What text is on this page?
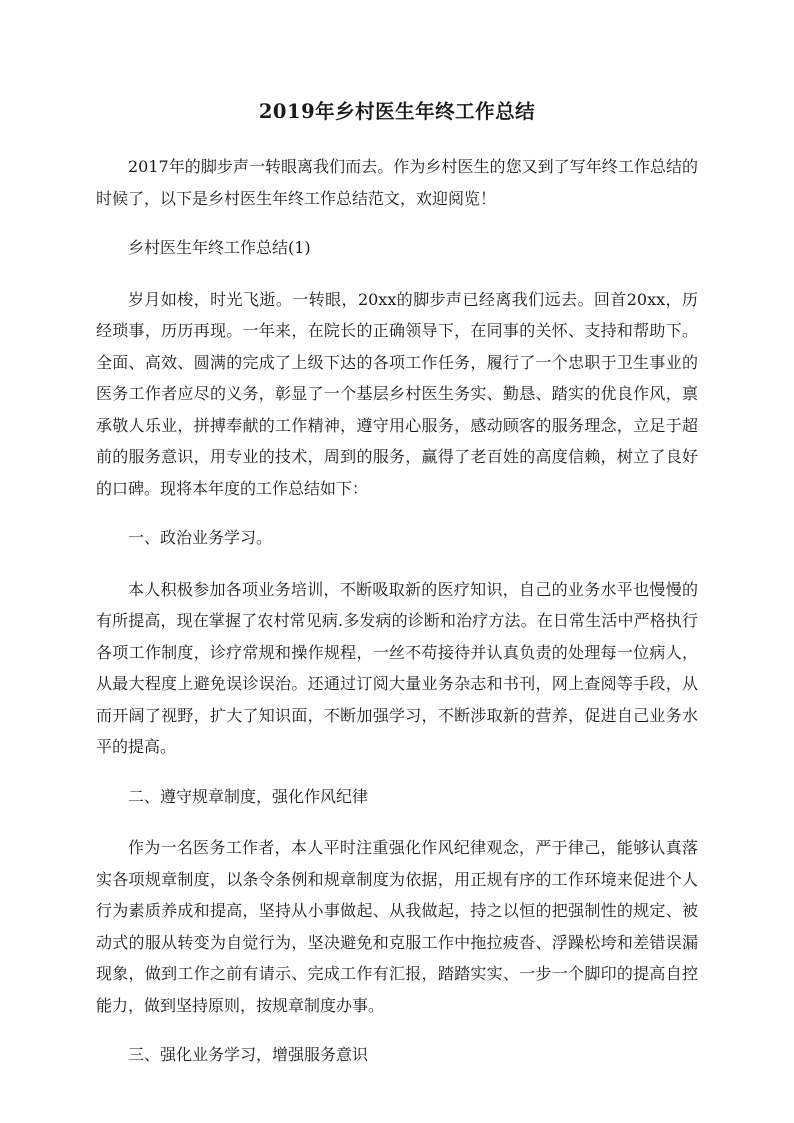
2019年乡村医生年终工作总结

2017年的脚步声一转眼离我们而去。作为乡村医生的您又到了写年终工作总结的时候了，以下是乡村医生年终工作总结范文，欢迎阅览！

乡村医生年终工作总结(1)

岁月如梭，时光飞逝。一转眼，20xx的脚步声已经离我们远去。回首20xx，历经琐事，历历再现。一年来，在院长的正确领导下，在同事的关怀、支持和帮助下。全面、高效、圆满的完成了上级下达的各项工作任务，履行了一个忠职于卫生事业的医务工作者应尽的义务，彰显了一个基层乡村医生务实、勤恳、踏实的优良作风，禀承敬人乐业，拼搏奉献的工作精神，遵守用心服务，感动顾客的服务理念，立足于超前的服务意识，用专业的技术，周到的服务，赢得了老百姓的高度信赖，树立了良好的口碑。现将本年度的工作总结如下：

一、政治业务学习。

本人积极参加各项业务培训，不断吸取新的医疗知识，自己的业务水平也慢慢的有所提高，现在掌握了农村常见病.多发病的诊断和治疗方法。在日常生活中严格执行各项工作制度，诊疗常规和操作规程，一丝不苟接待并认真负责的处理每一位病人，从最大程度上避免误诊误治。还通过订阅大量业务杂志和书刊，网上查阅等手段，从而开阔了视野，扩大了知识面，不断加强学习，不断涉取新的营养，促进自己业务水平的提高。

二、遵守规章制度，强化作风纪律

作为一名医务工作者，本人平时注重强化作风纪律观念，严于律己，能够认真落实各项规章制度，以条令条例和规章制度为依据，用正规有序的工作环境来促进个人行为素质养成和提高，坚持从小事做起、从我做起，持之以恒的把强制性的规定、被动式的服从转变为自觉行为，坚决避免和克服工作中拖拉疲沓、浮躁松垮和差错误漏现象，做到工作之前有请示、完成工作有汇报，踏踏实实、一步一个脚印的提高自控能力，做到坚持原则，按规章制度办事。

三、强化业务学习，增强服务意识
